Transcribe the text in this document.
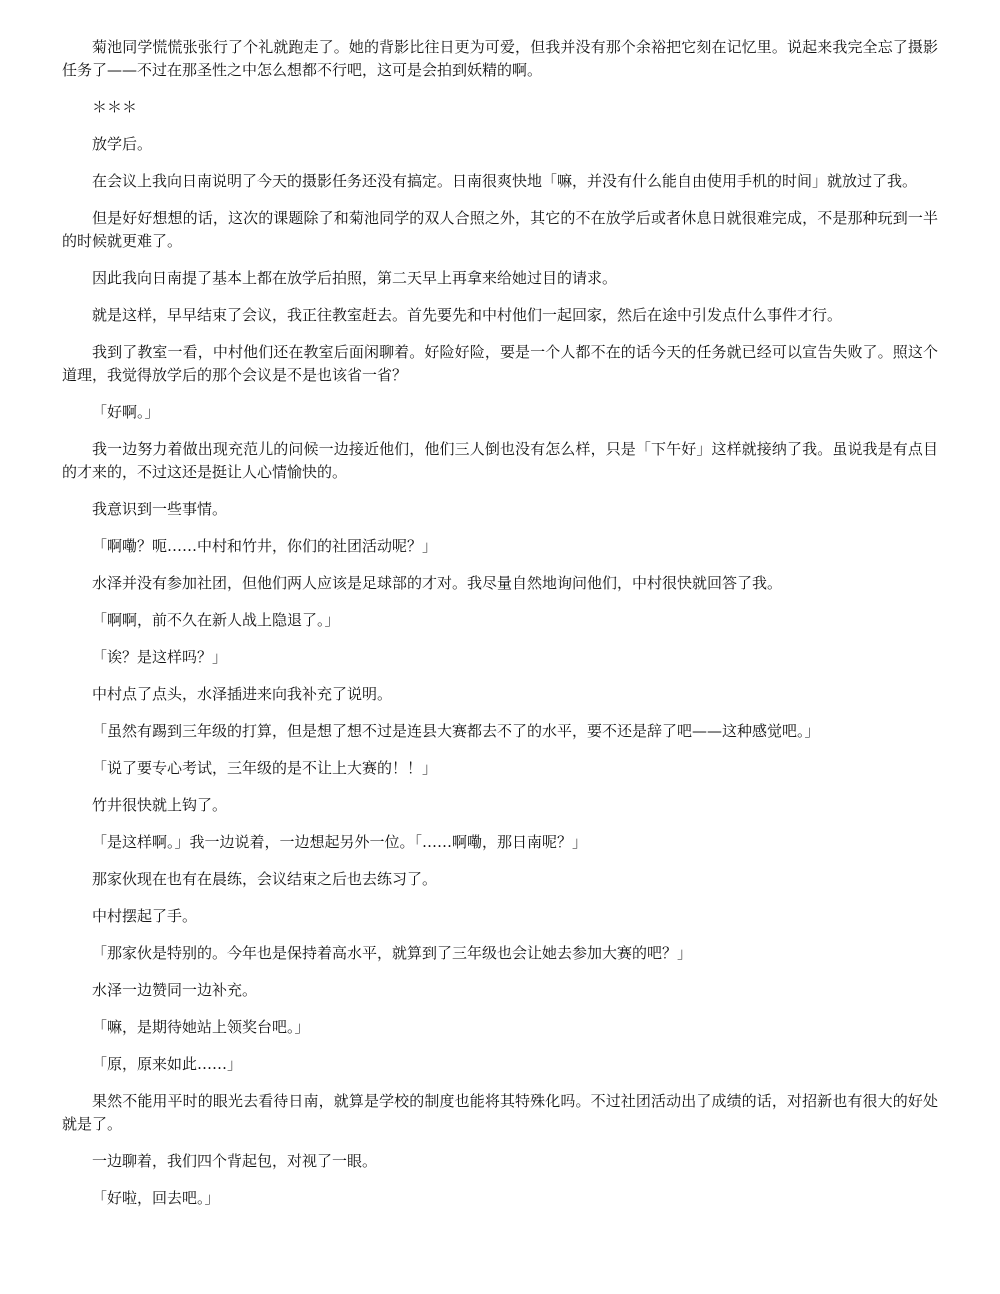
菊池同学慌慌张张行了个礼就跑走了。她的背影比往日更为可爱，但我并没有那个余裕把它刻在记忆里。说起来我完全忘了摄影任务了——不过在那圣性之中怎么想都不行吧，这可是会拍到妖精的啊。

＊＊＊

放学后。

在会议上我向日南说明了今天的摄影任务还没有搞定。日南很爽快地「嘛，并没有什么能自由使用手机的时间」就放过了我。

但是好好想想的话，这次的课题除了和菊池同学的双人合照之外，其它的不在放学后或者休息日就很难完成，不是那种玩到一半的时候就更难了。

因此我向日南提了基本上都在放学后拍照，第二天早上再拿来给她过目的请求。

就是这样，早早结束了会议，我正往教室赶去。首先要先和中村他们一起回家，然后在途中引发点什么事件才行。

我到了教室一看，中村他们还在教室后面闲聊着。好险好险，要是一个人都不在的话今天的任务就已经可以宣告失败了。照这个道理，我觉得放学后的那个会议是不是也该省一省？

「好啊。」

我一边努力着做出现充范儿的问候一边接近他们，他们三人倒也没有怎么样，只是「下午好」这样就接纳了我。虽说我是有点目的才来的，不过这还是挺让人心情愉快的。

我意识到一些事情。

「啊嘞？呃……中村和竹井，你们的社团活动呢？」

水泽并没有参加社团，但他们两人应该是足球部的才对。我尽量自然地询问他们，中村很快就回答了我。

「啊啊，前不久在新人战上隐退了。」

「诶？是这样吗？」

中村点了点头，水泽插进来向我补充了说明。

「虽然有踢到三年级的打算，但是想了想不过是连县大赛都去不了的水平，要不还是辞了吧——这种感觉吧。」

「说了要专心考试，三年级的是不让上大赛的！！」

竹井很快就上钩了。

「是这样啊。」我一边说着，一边想起另外一位。「……啊嘞，那日南呢？」

那家伙现在也有在晨练，会议结束之后也去练习了。

中村摆起了手。

「那家伙是特别的。今年也是保持着高水平，就算到了三年级也会让她去参加大赛的吧？」

水泽一边赞同一边补充。

「嘛，是期待她站上领奖台吧。」

「原，原来如此……」

果然不能用平时的眼光去看待日南，就算是学校的制度也能将其特殊化吗。不过社团活动出了成绩的话，对招新也有很大的好处就是了。

一边聊着，我们四个背起包，对视了一眼。

「好啦，回去吧。」
